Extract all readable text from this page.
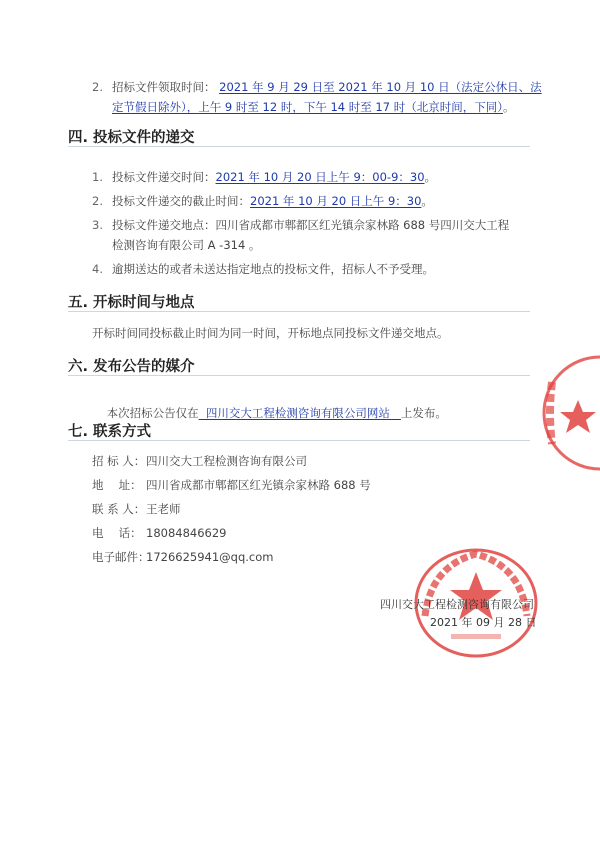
2. 招标文件领取时间： 2021 年 9 月 29 日至 2021 年 10 月 10 日（法定公休日、法
定节假日除外），上午 9 时至 12 时，下午 14 时至 17 时（北京时间，下同）。
四. 投标文件的递交
1. 投标文件递交时间：2021 年 10 月 20 日上午 9：00-9：30。
2. 投标文件递交的截止时间：2021 年 10 月 20 日上午 9：30。
3. 投标文件递交地点：四川省成都市郫都区红光镇佘家林路 688 号四川交大工程
检测咨询有限公司 A -314 。
4. 逾期送达的或者未送达指定地点的投标文件，招标人不予受理。
五. 开标时间与地点
开标时间同投标截止时间为同一时间，开标地点同投标文件递交地点。
六. 发布公告的媒介

本次招标公告仅在  四川交大工程检测咨询有限公司网站   上发布。

七. 联系方式
招 标 人：四川交大工程检测咨询有限公司
地　 址： 四川省成都市郫都区红光镇佘家林路 688 号
联 系 人：王老师
电　 话： 18084846629
电子邮件：1726625941@qq.com
四川交大工程检测咨询有限公司
2021 年 09 月 28 日
